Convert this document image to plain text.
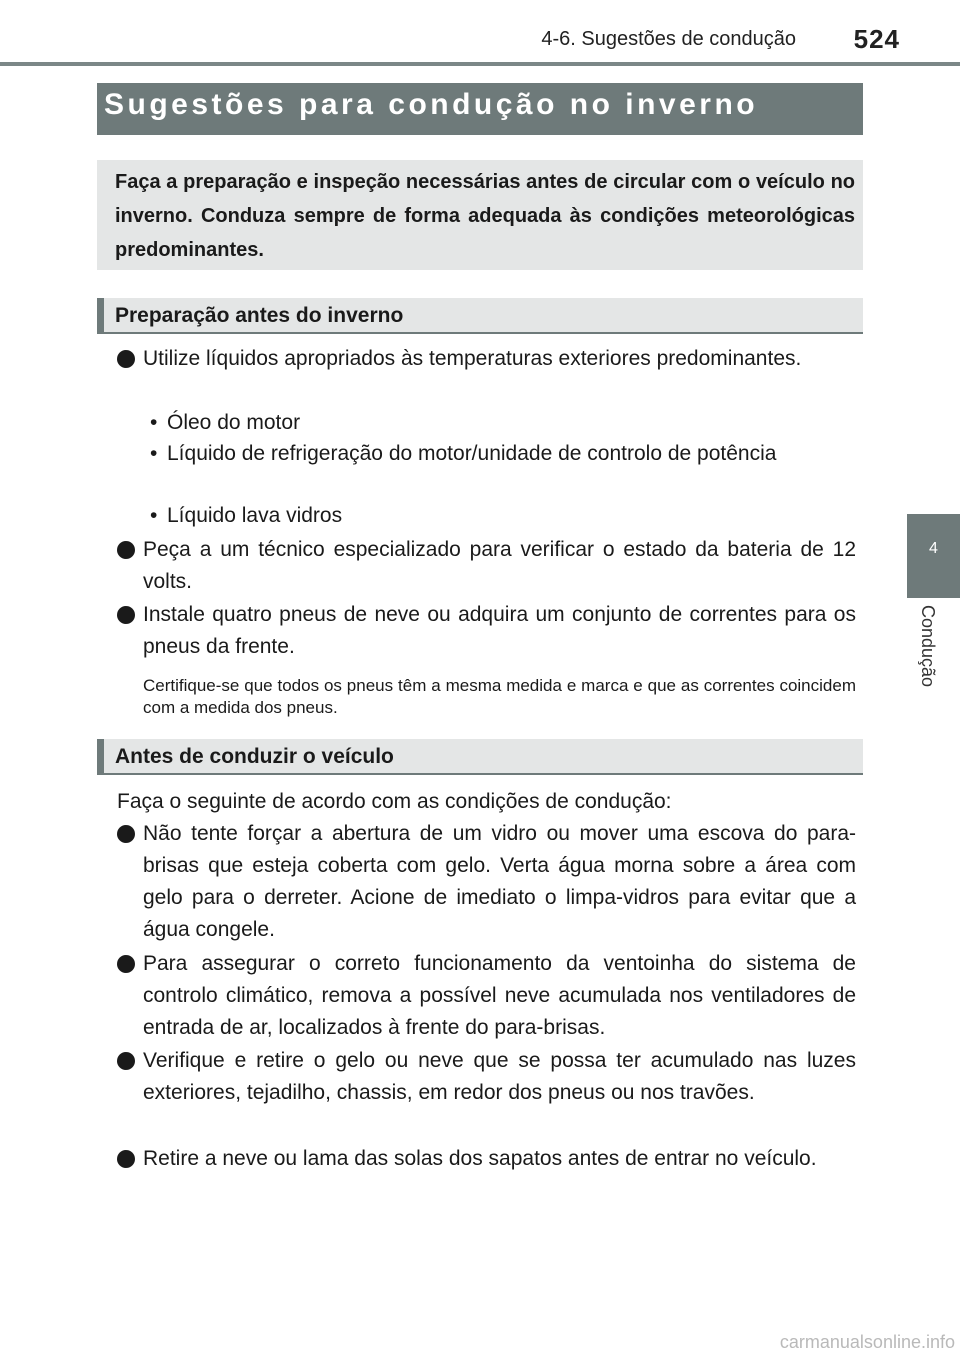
4-6. Sugestões de condução	524
4
Condução
Sugestões para condução no inverno
Faça a preparação e inspeção necessárias antes de circular com o veículo no inverno. Conduza sempre de forma adequada às condições meteorológicas predominantes.
Preparação antes do inverno
Utilize líquidos apropriados às temperaturas exteriores predominantes.
• Óleo do motor
• Líquido de refrigeração do motor/unidade de controlo de potência
• Líquido lava vidros
Peça a um técnico especializado para verificar o estado da bateria de 12 volts.
Instale quatro pneus de neve ou adquira um conjunto de correntes para os pneus da frente.
Certifique-se que todos os pneus têm a mesma medida e marca e que as correntes coincidem com a medida dos pneus.
Antes de conduzir o veículo
Faça o seguinte de acordo com as condições de condução:
Não tente forçar a abertura de um vidro ou mover uma escova do para-brisas que esteja coberta com gelo. Verta água morna sobre a área com gelo para o derreter. Acione de imediato o limpa-vidros para evitar que a água congele.
Para assegurar o correto funcionamento da ventoinha do sistema de controlo climático, remova a possível neve acumulada nos ventiladores de entrada de ar, localizados à frente do para-brisas.
Verifique e retire o gelo ou neve que se possa ter acumulado nas luzes exteriores, tejadilho, chassis, em redor dos pneus ou nos travões.
Retire a neve ou lama das solas dos sapatos antes de entrar no veículo.
carmanualsonline.info
